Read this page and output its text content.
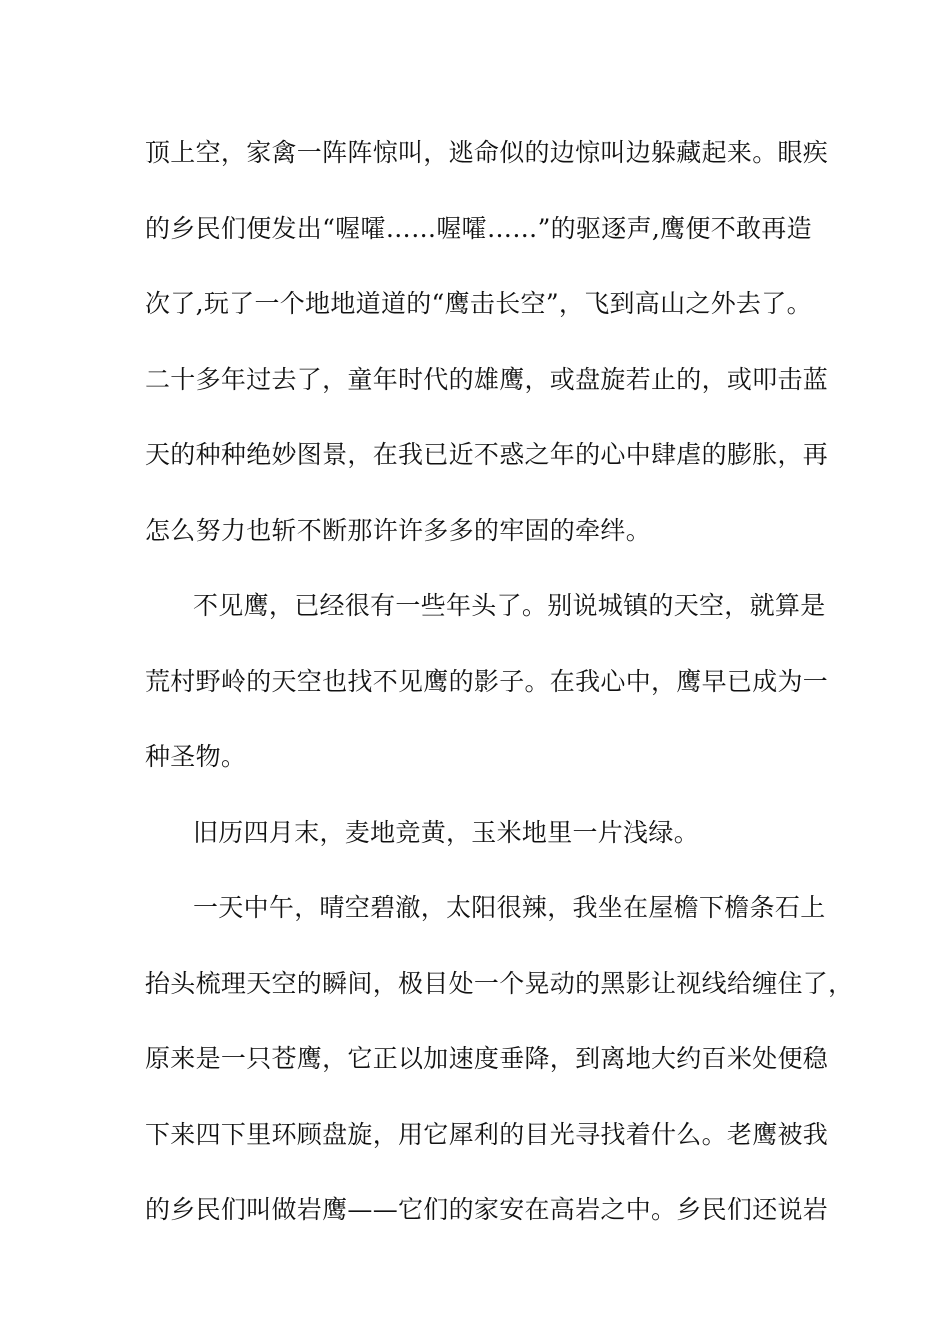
顶上空，家禽一阵阵惊叫，逃命似的边惊叫边躲藏起来。眼疾
的乡民们便发出“喔嚯……喔嚯……”的驱逐声,鹰便不敢再造
次了,玩了一个地地道道的“鹰击长空”，飞到高山之外去了。
二十多年过去了，童年时代的雄鹰，或盘旋若止的，或叩击蓝
天的种种绝妙图景，在我已近不惑之年的心中肆虐的膨胀，再
怎么努力也斩不断那许许多多的牢固的牵绊。
不见鹰，已经很有一些年头了。别说城镇的天空，就算是
荒村野岭的天空也找不见鹰的影子。在我心中，鹰早已成为一
种圣物。
旧历四月末，麦地竞黄，玉米地里一片浅绿。
一天中午，晴空碧澈，太阳很辣，我坐在屋檐下檐条石上
抬头梳理天空的瞬间，极目处一个晃动的黑影让视线给缠住了，
原来是一只苍鹰，它正以加速度垂降，到离地大约百米处便稳
下来四下里环顾盘旋，用它犀利的目光寻找着什么。老鹰被我
的乡民们叫做岩鹰——它们的家安在高岩之中。乡民们还说岩
